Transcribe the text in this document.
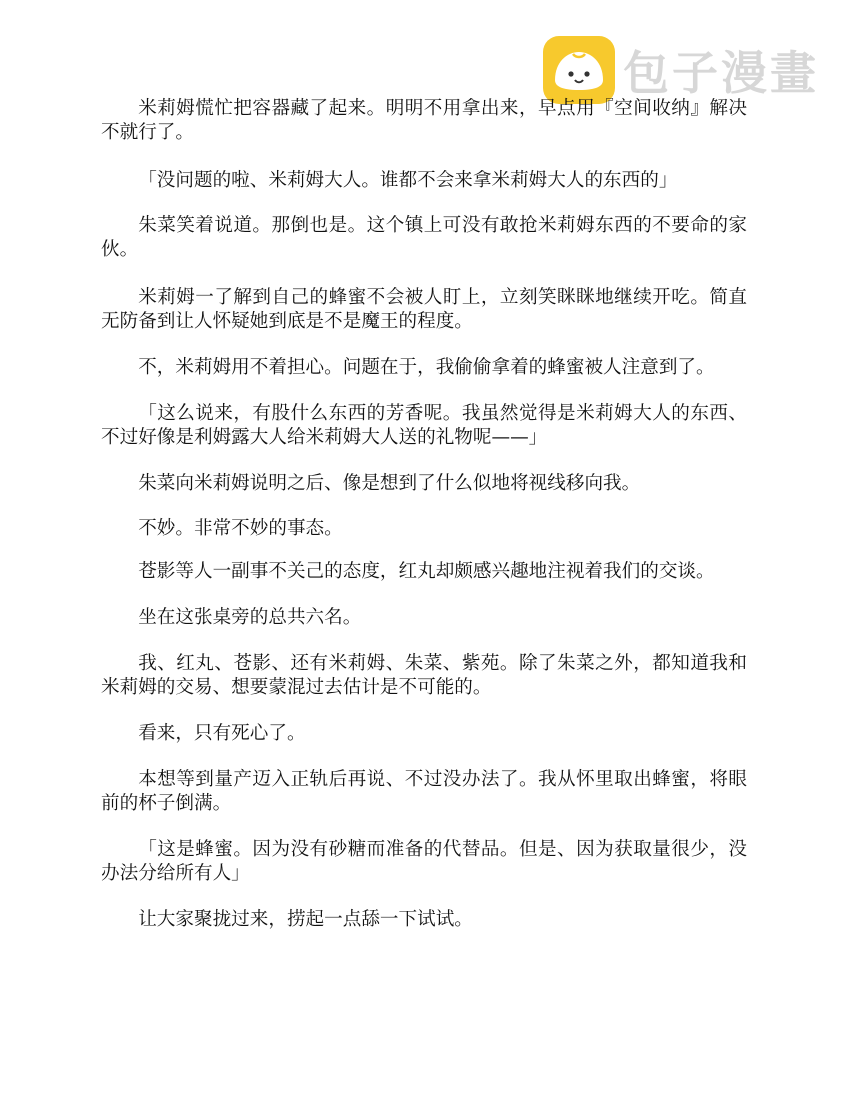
包子漫畫

米莉姆慌忙把容器藏了起来。明明不用拿出来，早点用『空间收纳』解决不就行了。

「没问题的啦、米莉姆大人。谁都不会来拿米莉姆大人的东西的」

朱菜笑着说道。那倒也是。这个镇上可没有敢抢米莉姆东西的不要命的家伙。

米莉姆一了解到自己的蜂蜜不会被人盯上，立刻笑眯眯地继续开吃。简直无防备到让人怀疑她到底是不是魔王的程度。

不，米莉姆用不着担心。问题在于，我偷偷拿着的蜂蜜被人注意到了。

「这么说来，有股什么东西的芳香呢。我虽然觉得是米莉姆大人的东西、不过好像是利姆露大人给米莉姆大人送的礼物呢——」

朱菜向米莉姆说明之后、像是想到了什么似地将视线移向我。

不妙。非常不妙的事态。

苍影等人一副事不关己的态度，红丸却颇感兴趣地注视着我们的交谈。

坐在这张桌旁的总共六名。

我、红丸、苍影、还有米莉姆、朱菜、紫苑。除了朱菜之外，都知道我和米莉姆的交易、想要蒙混过去估计是不可能的。

看来，只有死心了。

本想等到量产迈入正轨后再说、不过没办法了。我从怀里取出蜂蜜，将眼前的杯子倒满。

「这是蜂蜜。因为没有砂糖而准备的代替品。但是、因为获取量很少，没办法分给所有人」

让大家聚拢过来，捞起一点舔一下试试。
